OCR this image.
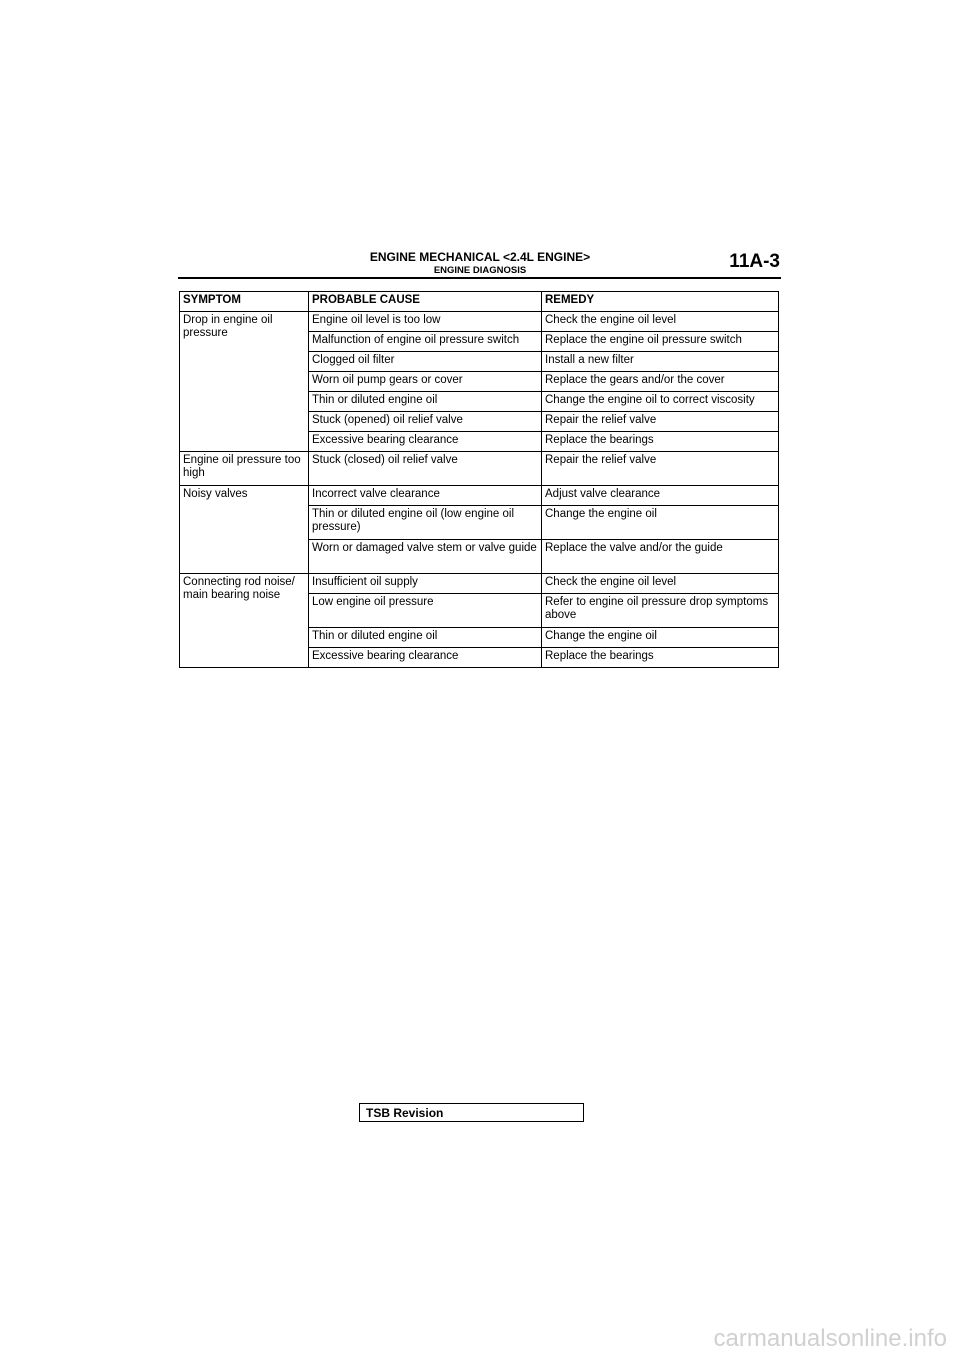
ENGINE MECHANICAL <2.4L ENGINE>
ENGINE DIAGNOSIS	11A-3
SYMPTOM	PROBABLE CAUSE	REMEDY
Drop in engine oil pressure	Engine oil level is too low	Check the engine oil level
	Malfunction of engine oil pressure switch	Replace the engine oil pressure switch
	Clogged oil filter	Install a new filter
	Worn oil pump gears or cover	Replace the gears and/or the cover
	Thin or diluted engine oil	Change the engine oil to correct viscosity
	Stuck (opened) oil relief valve	Repair the relief valve
	Excessive bearing clearance	Replace the bearings
Engine oil pressure too high	Stuck (closed) oil relief valve	Repair the relief valve
Noisy valves	Incorrect valve clearance	Adjust valve clearance
	Thin or diluted engine oil (low engine oil pressure)	Change the engine oil
	Worn or damaged valve stem or valve guide	Replace the valve and/or the guide
Connecting rod noise/ main bearing noise	Insufficient oil supply	Check the engine oil level
	Low engine oil pressure	Refer to engine oil pressure drop symptoms above
	Thin or diluted engine oil	Change the engine oil
	Excessive bearing clearance	Replace the bearings
TSB Revision
carmanualsonline.info
